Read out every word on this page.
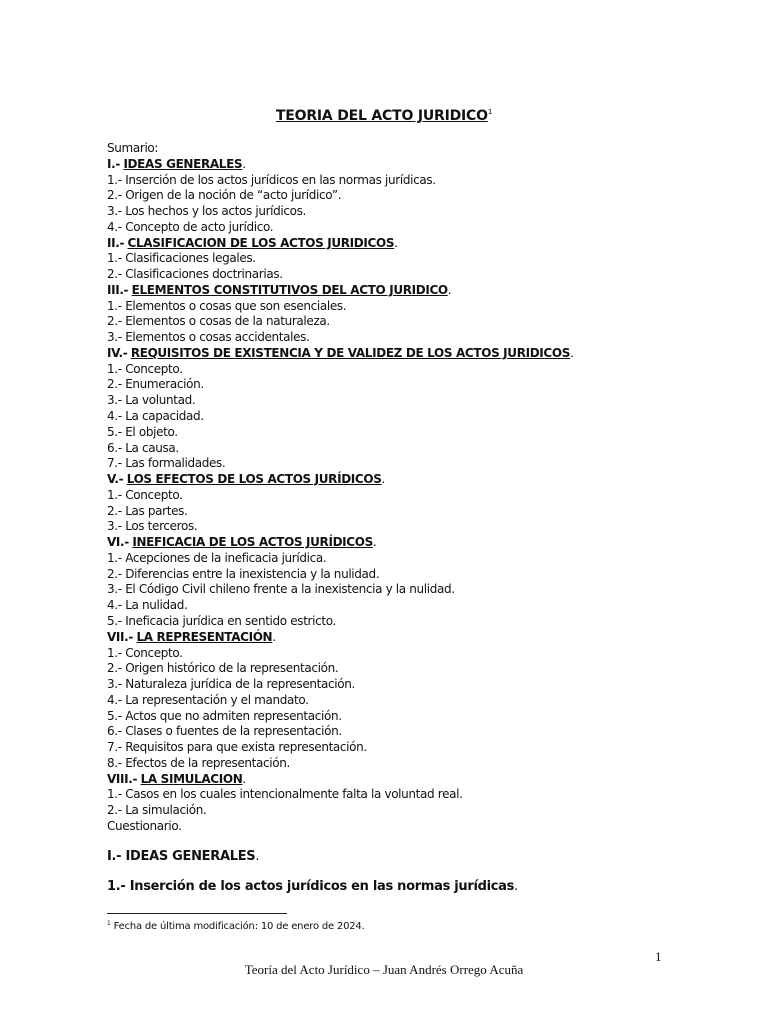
TEORIA DEL ACTO JURIDICO$^1$
Sumario:
I.- IDEAS GENERALES.
1.- Inserción de los actos jurídicos en las normas jurídicas.
2.- Origen de la noción de “acto jurídico”.
3.- Los hechos y los actos jurídicos.
4.- Concepto de acto jurídico.
II.- CLASIFICACION DE LOS ACTOS JURIDICOS.
1.- Clasificaciones legales.
2.- Clasificaciones doctrinarias.
III.- ELEMENTOS CONSTITUTIVOS DEL ACTO JURIDICO.
1.- Elementos o cosas que son esenciales.
2.- Elementos o cosas de la naturaleza.
3.- Elementos o cosas accidentales.
IV.- REQUISITOS DE EXISTENCIA Y DE VALIDEZ DE LOS ACTOS JURIDICOS.
1.- Concepto.
2.- Enumeración.
3.- La voluntad.
4.- La capacidad.
5.- El objeto.
6.- La causa.
7.- Las formalidades.
V.- LOS EFECTOS DE LOS ACTOS JURÍDICOS.
1.- Concepto.
2.- Las partes.
3.- Los terceros.
VI.- INEFICACIA DE LOS ACTOS JURÍDICOS.
1.- Acepciones de la ineficacia jurídica.
2.- Diferencias entre la inexistencia y la nulidad.
3.- El Código Civil chileno frente a la inexistencia y la nulidad.
4.- La nulidad.
5.- Ineficacia jurídica en sentido estricto.
VII.- LA REPRESENTACIÓN.
1.- Concepto.
2.- Origen histórico de la representación.
3.- Naturaleza jurídica de la representación.
4.- La representación y el mandato.
5.- Actos que no admiten representación.
6.- Clases o fuentes de la representación.
7.- Requisitos para que exista representación.
8.- Efectos de la representación.
VIII.- LA SIMULACION.
1.- Casos en los cuales intencionalmente falta la voluntad real.
2.- La simulación.
Cuestionario.
I.- IDEAS GENERALES.
1.- Inserción de los actos jurídicos en las normas jurídicas.
$^1$ Fecha de última modificación: 10 de enero de 2024.
1
Teoría del Acto Jurídico – Juan Andrés Orrego Acuña
